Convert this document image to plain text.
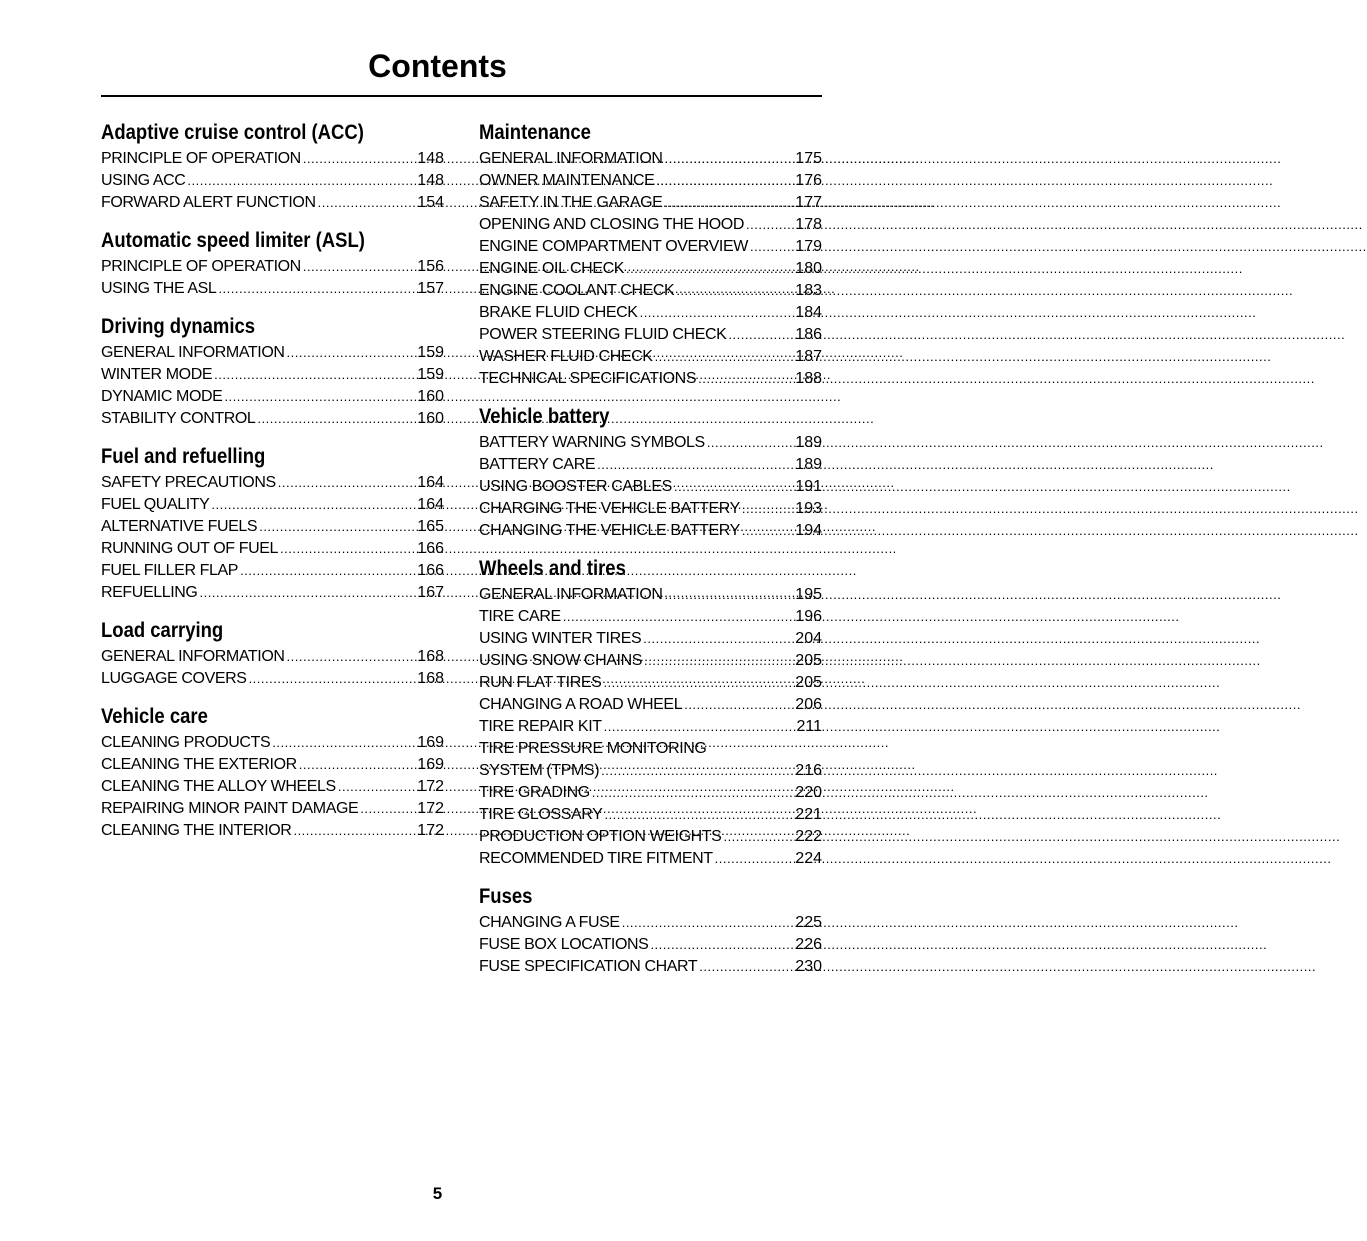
Contents
Adaptive cruise control (ACC)
PRINCIPLE OF OPERATION .....	148
USING ACC .....	148
FORWARD ALERT FUNCTION .....	154
Automatic speed limiter (ASL)
PRINCIPLE OF OPERATION .....	156
USING THE ASL .....	157
Driving dynamics
GENERAL INFORMATION .....	159
WINTER MODE .....	159
DYNAMIC MODE .....	160
STABILITY CONTROL .....	160
Fuel and refuelling
SAFETY PRECAUTIONS .....	164
FUEL QUALITY .....	164
ALTERNATIVE FUELS .....	165
RUNNING OUT OF FUEL .....	166
FUEL FILLER FLAP .....	166
REFUELLING .....	167
Load carrying
GENERAL INFORMATION .....	168
LUGGAGE COVERS .....	168
Vehicle care
CLEANING PRODUCTS .....	169
CLEANING THE EXTERIOR .....	169
CLEANING THE ALLOY WHEELS .....	172
REPAIRING MINOR PAINT DAMAGE .....	172
CLEANING THE INTERIOR .....	172
Maintenance
GENERAL INFORMATION .....	175
OWNER MAINTENANCE .....	176
SAFETY IN THE GARAGE .....	177
OPENING AND CLOSING THE HOOD .....	178
ENGINE COMPARTMENT OVERVIEW .....	179
ENGINE OIL CHECK .....	180
ENGINE COOLANT CHECK .....	183
BRAKE FLUID CHECK .....	184
POWER STEERING FLUID CHECK .....	186
WASHER FLUID CHECK .....	187
TECHNICAL SPECIFICATIONS .....	188
Vehicle battery
BATTERY WARNING SYMBOLS .....	189
BATTERY CARE .....	189
USING BOOSTER CABLES .....	191
CHARGING THE VEHICLE BATTERY .....	193
CHANGING THE VEHICLE BATTERY .....	194
Wheels and tires
GENERAL INFORMATION .....	195
TIRE CARE .....	196
USING WINTER TIRES .....	204
USING SNOW CHAINS .....	205
RUN FLAT TIRES .....	205
CHANGING A ROAD WHEEL .....	206
TIRE REPAIR KIT .....	211
TIRE PRESSURE MONITORING
SYSTEM (TPMS) .....	216
TIRE GRADING .....	220
TIRE GLOSSARY .....	221
PRODUCTION OPTION WEIGHTS .....	222
RECOMMENDED TIRE FITMENT .....	224
Fuses
CHANGING A FUSE .....	225
FUSE BOX LOCATIONS .....	226
FUSE SPECIFICATION CHART .....	230
5
